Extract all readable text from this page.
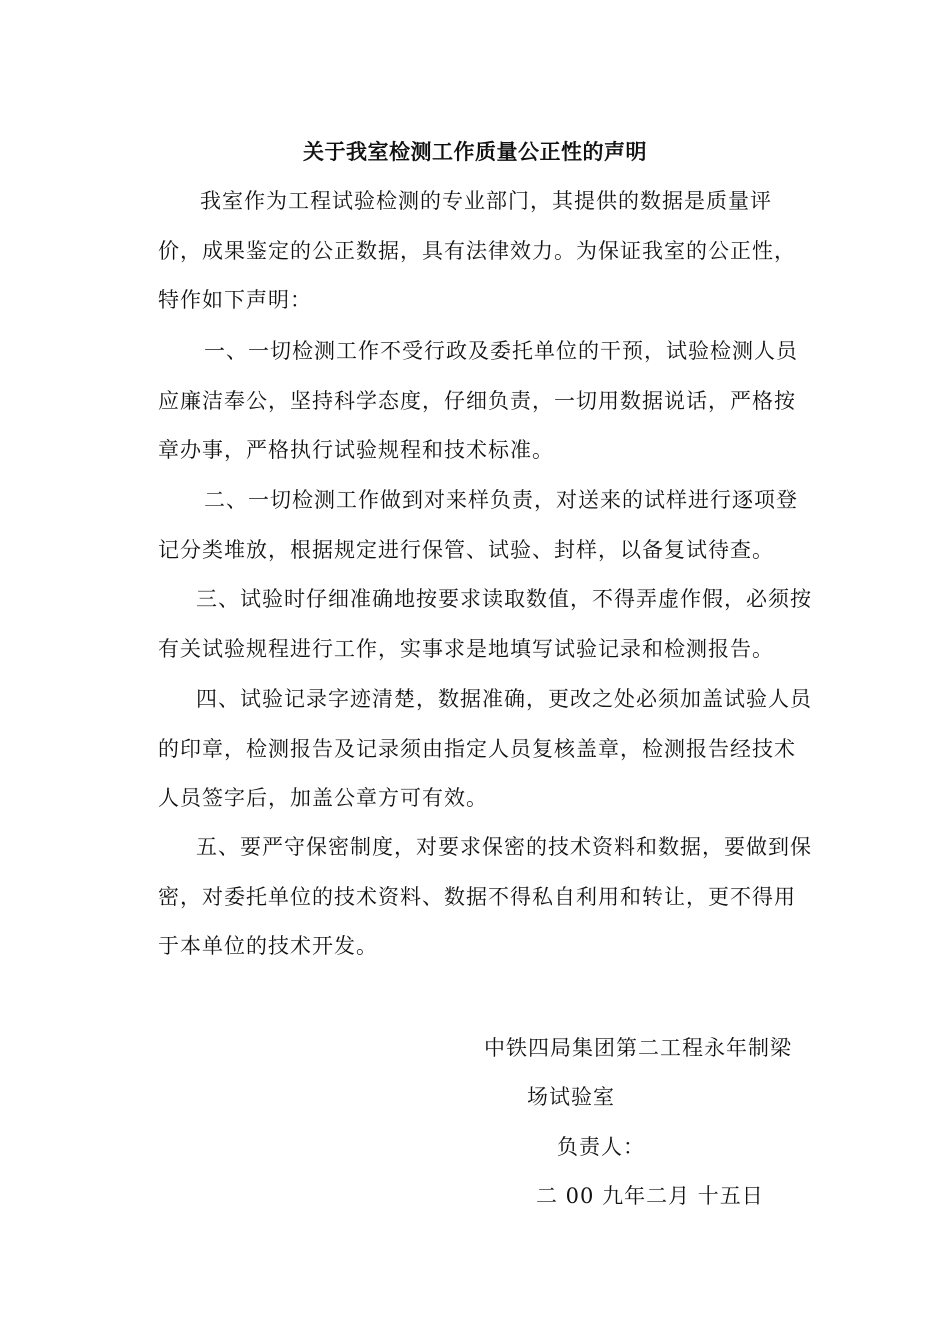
关于我室检测工作质量公正性的声明

我室作为工程试验检测的专业部门，其提供的数据是质量评价，成果鉴定的公正数据，具有法律效力。为保证我室的公正性，特作如下声明：

一、一切检测工作不受行政及委托单位的干预，试验检测人员应廉洁奉公，坚持科学态度，仔细负责，一切用数据说话，严格按章办事，严格执行试验规程和技术标准。

二、一切检测工作做到对来样负责，对送来的试样进行逐项登记分类堆放，根据规定进行保管、试验、封样，以备复试待查。

三、试验时仔细准确地按要求读取数值，不得弄虚作假，必须按有关试验规程进行工作，实事求是地填写试验记录和检测报告。

四、试验记录字迹清楚，数据准确，更改之处必须加盖试验人员的印章，检测报告及记录须由指定人员复核盖章，检测报告经技术人员签字后，加盖公章方可有效。

五、要严守保密制度，对要求保密的技术资料和数据，要做到保密，对委托单位的技术资料、数据不得私自利用和转让，更不得用于本单位的技术开发。

中铁四局集团第二工程永年制梁
场试验室
负责人：
二 00 九年二月 十五日
